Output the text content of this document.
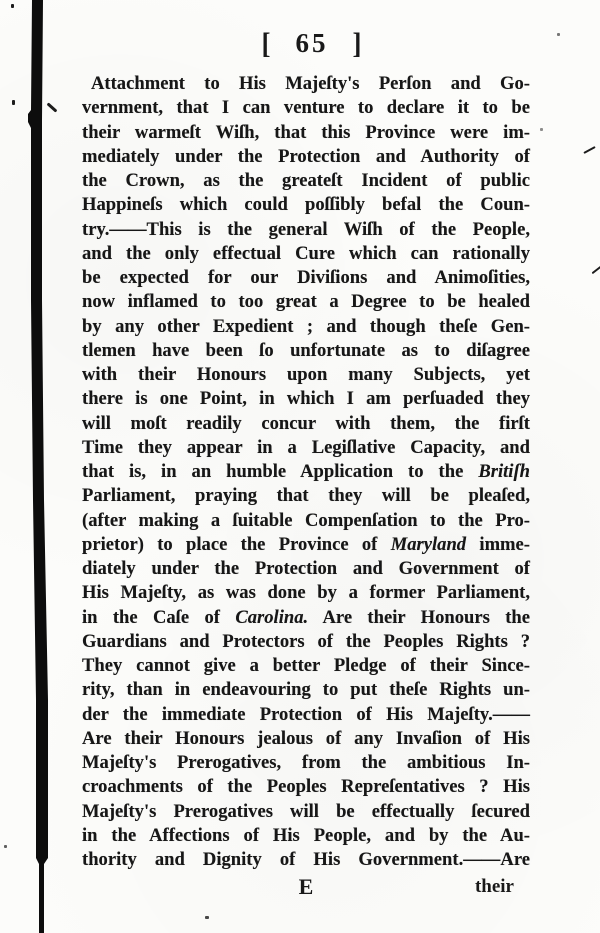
[ 65 ]
Attachment to His Majeſty's Perſon and Go-
vernment, that I can venture to declare it to be
their warmeſt Wiſh, that this Province were im-
mediately under the Protection and Authority of
the Crown, as the greateſt Incident of public
Happineſs which could poſſibly befal the Coun-
try.——This is the general Wiſh of the People,
and the only effectual Cure which can rationally
be expected for our Diviſions and Animoſities,
now inflamed to too great a Degree to be healed
by any other Expedient ; and though theſe Gen-
tlemen have been ſo unfortunate as to diſagree
with their Honours upon many Subjects, yet
there is one Point, in which I am perſuaded they
will moſt readily concur with them, the firſt
Time they appear in a Legiſlative Capacity, and
that is, in an humble Application to the Britiſh
Parliament, praying that they will be pleaſed,
(after making a ſuitable Compenſation to the Pro-
prietor) to place the Province of Maryland imme-
diately under the Protection and Government of
His Majeſty, as was done by a former Parliament,
in the Caſe of Carolina. Are their Honours the
Guardians and Protectors of the Peoples Rights ?
They cannot give a better Pledge of their Since-
rity, than in endeavouring to put theſe Rights un-
der the immediate Protection of His Majeſty.——
Are their Honours jealous of any Invaſion of His
Majeſty's Prerogatives, from the ambitious In-
croachments of the Peoples Repreſentatives ? His
Majeſty's Prerogatives will be effectually ſecured
in the Affections of His People, and by the Au-
thority and Dignity of His Government.——Are
E	their
